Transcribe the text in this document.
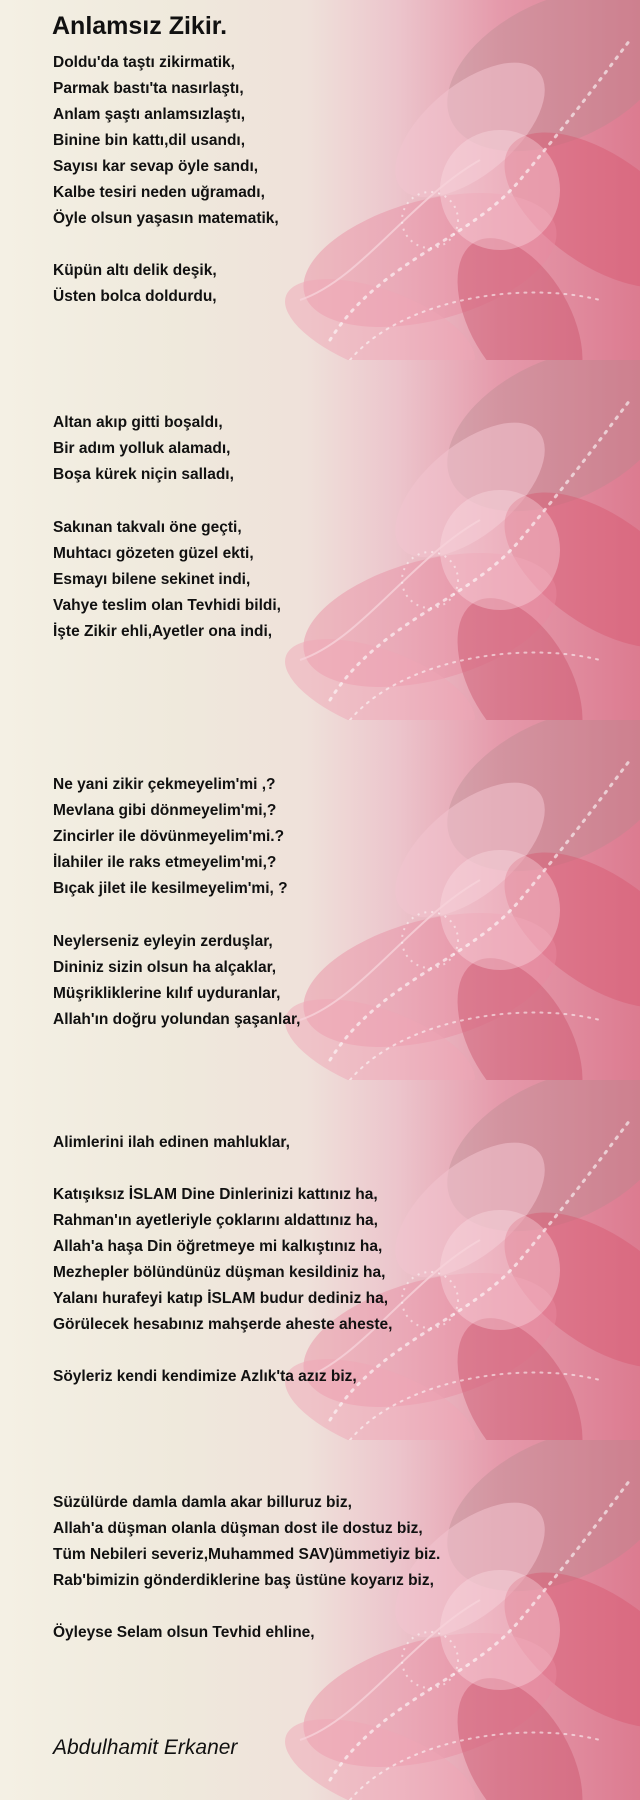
Anlamsız Zikir.
Doldu'da taştı zikirmatik,
Parmak bastı'ta nasırlaştı,
Anlam şaştı anlamsızlaştı,
Binine bin kattı,dil usandı,
Sayısı kar sevap öyle sandı,
Kalbe tesiri neden uğramadı,
Öyle olsun yaşasın matematik,
Küpün altı delik deşik,
Üsten bolca doldurdu,
Altan akıp gitti boşaldı,
Bir adım yolluk alamadı,
Boşa kürek niçin salladı,
Sakınan takvalı öne geçti,
Muhtacı gözeten güzel ekti,
Esmayı bilene sekinet indi,
Vahye teslim olan Tevhidi bildi,
İşte Zikir ehli,Ayetler ona indi,
Ne yani zikir çekmeyelim'mi ,?
Mevlana gibi dönmeyelim'mi,?
Zincirler ile dövünmeyelim'mi.?
İlahiler ile raks etmeyelim'mi,?
Bıçak jilet ile kesilmeyelim'mi, ?
Neylerseniz eyleyin zerduşlar,
Dininiz sizin olsun ha alçaklar,
Müşrikliklerine kılıf uyduranlar,
Allah'ın doğru yolundan şaşanlar,
Alimlerini ilah edinen mahluklar,
Katışıksız İSLAM Dine Dinlerinizi kattınız ha,
Rahman'ın ayetleriyle çoklarını aldattınız ha,
Allah'a haşa Din öğretmeye mi kalkıştınız ha,
Mezhepler bölündünüz düşman kesildiniz ha,
Yalanı hurafeyi katıp İSLAM budur dediniz ha,
Görülecek hesabınız mahşerde aheste aheste,
Söyleriz kendi kendimize Azlık'ta azız biz,
Süzülürde damla damla akar billuruz biz,
Allah'a düşman olanla düşman dost ile dostuz biz,
Tüm Nebileri severiz,Muhammed SAV)ümmetiyiz biz.
Rab'bimizin gönderdiklerine baş üstüne koyarız biz,
Öyleyse Selam olsun Tevhid ehline,
Abdulhamit Erkaner
